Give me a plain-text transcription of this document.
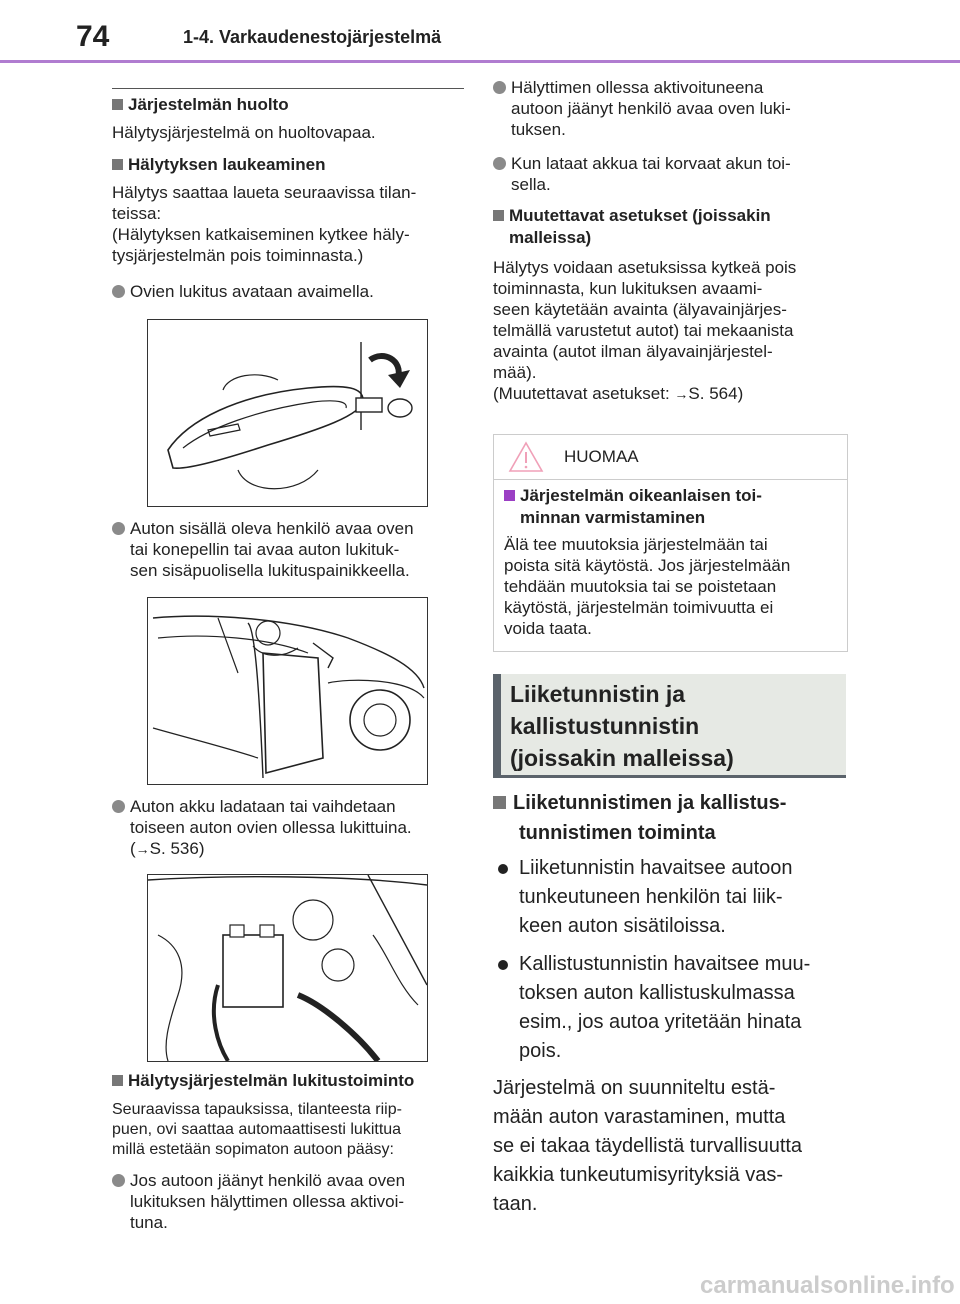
74	1-4. Varkaudenestojärjestelmä
Järjestelmän huolto
Hälytysjärjestelmä on huoltovapaa.
Hälytyksen laukeaminen
Hälytys saattaa laueta seuraavissa tilan-
teissa:
(Hälytyksen katkaiseminen kytkee häly-
tysjärjestelmän pois toiminnasta.)
Ovien lukitus avataan avaimella.
Auton sisällä oleva henkilö avaa oven
tai konepellin tai avaa auton lukituk-
sen sisäpuolisella lukituspainikkeella.
Auton akku ladataan tai vaihdetaan
toiseen auton ovien ollessa lukittuina.
(→S. 536)
Hälytysjärjestelmän lukitustoiminto
Seuraavissa tapauksissa, tilanteesta riip-
puen, ovi saattaa automaattisesti lukittua
millä estetään sopimaton autoon pääsy:
Jos autoon jäänyt henkilö avaa oven
lukituksen hälyttimen ollessa aktivoi-
tuna.
Hälyttimen ollessa aktivoituneena
autoon jäänyt henkilö avaa oven luki-
tuksen.
Kun lataat akkua tai korvaat akun toi-
sella.
Muutettavat asetukset (joissakin
malleissa)
Hälytys voidaan asetuksissa kytkeä pois
toiminnasta, kun lukituksen avaami-
seen käytetään avainta (älyavainjärjes-
telmällä varustetut autot) tai mekaanista
avainta (autot ilman älyavainjärjestel-
mää).
(Muutettavat asetukset: →S. 564)
HUOMAA
Järjestelmän oikeanlaisen toi-
minnan varmistaminen
Älä tee muutoksia järjestelmään tai
poista sitä käytöstä. Jos järjestelmään
tehdään muutoksia tai se poistetaan
käytöstä, järjestelmän toimivuutta ei
voida taata.
Liiketunnistin ja
kallistustunnistin
(joissakin malleissa)
Liiketunnistimen ja kallistus-
tunnistimen toiminta
Liiketunnistin havaitsee autoon
tunkeutuneen henkilön tai liik-
keen auton sisätiloissa.
Kallistustunnistin havaitsee muu-
toksen auton kallistuskulmassa
esim., jos autoa yritetään hinata
pois.
Järjestelmä on suunniteltu estä-
mään auton varastaminen, mutta
se ei takaa täydellistä turvallisuutta
kaikkia tunkeutumisyrityksiä vas-
taan.
carmanualsonline.info
